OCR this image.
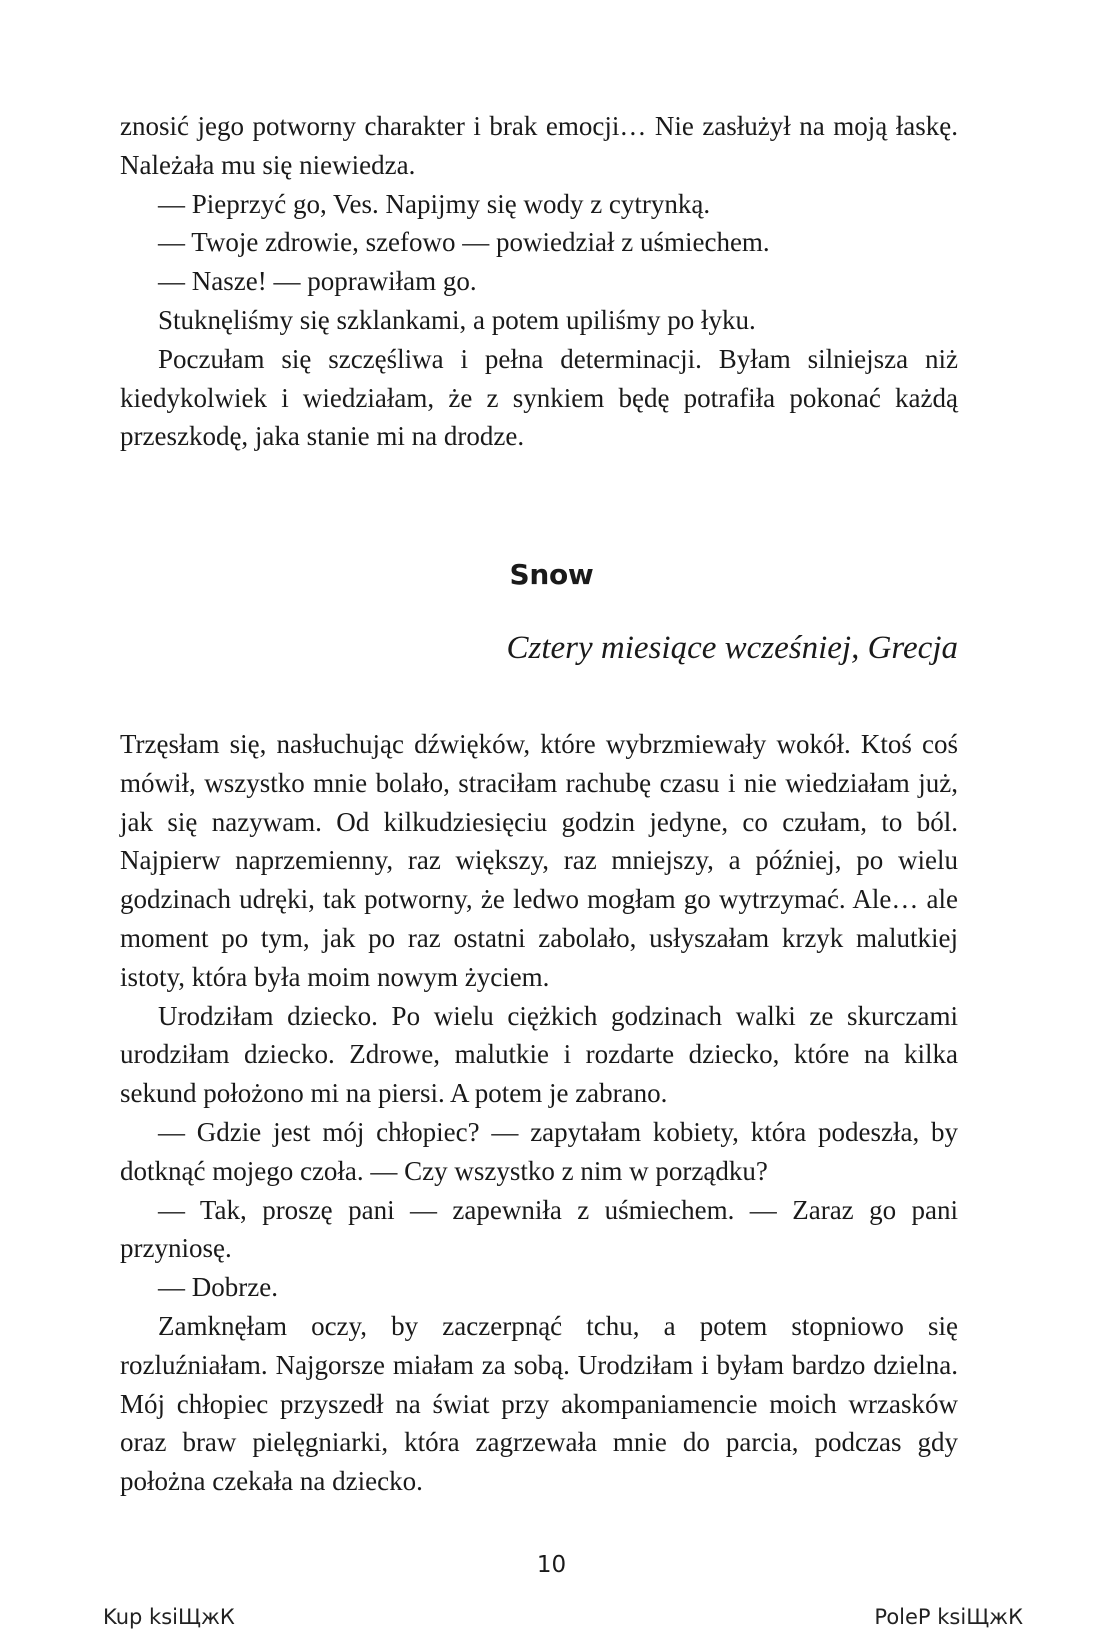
znosić jego potworny charakter i brak emocji… Nie zasłużył na moją łaskę. Należała mu się niewiedza.

— Pieprzyć go, Ves. Napijmy się wody z cytrynką.

— Twoje zdrowie, szefowo — powiedział z uśmiechem.

— Nasze! — poprawiłam go.

Stuknęliśmy się szklankami, a potem upiliśmy po łyku.

Poczułam się szczęśliwa i pełna determinacji. Byłam silniejsza niż kiedykolwiek i wiedziałam, że z synkiem będę potrafiła pokonać każdą przeszkodę, jaka stanie mi na drodze.

Snow
Cztery miesiące wcześniej, Grecja

Trzęsłam się, nasłuchując dźwięków, które wybrzmiewały wokół. Ktoś coś mówił, wszystko mnie bolało, straciłam rachubę czasu i nie wiedziałam już, jak się nazywam. Od kilkudziesięciu godzin jedyne, co czułam, to ból. Najpierw naprzemienny, raz większy, raz mniejszy, a później, po wielu godzinach udręki, tak potworny, że ledwo mogłam go wytrzymać. Ale… ale moment po tym, jak po raz ostatni zabolało, usłyszałam krzyk malutkiej istoty, która była moim nowym życiem.

Urodziłam dziecko. Po wielu ciężkich godzinach walki ze skurczami urodziłam dziecko. Zdrowe, malutkie i rozdarte dziecko, które na kilka sekund położono mi na piersi. A potem je zabrano.

— Gdzie jest mój chłopiec? — zapytałam kobiety, która podeszła, by dotknąć mojego czoła. — Czy wszystko z nim w porządku?

— Tak, proszę pani — zapewniła z uśmiechem. — Zaraz go pani przyniosę.

— Dobrze.

Zamknęłam oczy, by zaczerpnąć tchu, a potem stopniowo się rozluźniałam. Najgorsze miałam za sobą. Urodziłam i byłam bardzo dzielna. Mój chłopiec przyszedł na świat przy akompaniamencie moich wrzasków oraz braw pielęgniarki, która zagrzewała mnie do parcia, podczas gdy położna czekała na dziecko.

10
Kup ksiЩжК	PoleP ksiЩжК
